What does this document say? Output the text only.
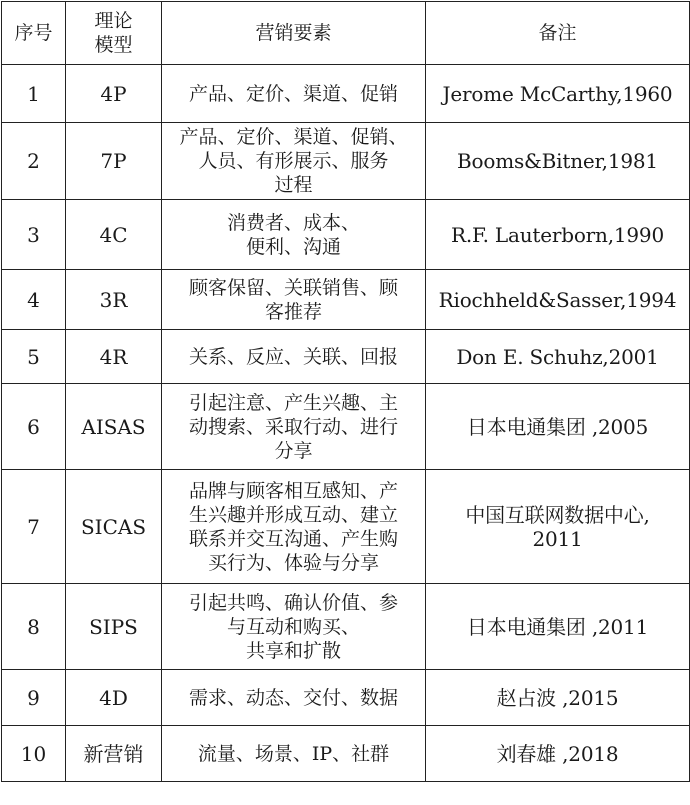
序号	理论
模型	营销要素	备注
1	4P	产品、定价、渠道、促销	Jerome McCarthy,1960
2	7P	产品、定价、渠道、促销、
人员、有形展示、服务
过程	Booms&Bitner,1981
3	4C	消费者、成本、
便利、沟通	R.F. Lauterborn,1990
4	3R	顾客保留、关联销售、顾
客推荐	Riochheld&Sasser,1994
5	4R	关系、反应、关联、回报	Don E. Schuhz,2001
6	AISAS	引起注意、产生兴趣、主
动搜索、采取行动、进行
分享	日本电通集团 ,2005
7	SICAS	品牌与顾客相互感知、产
生兴趣并形成互动、建立
联系并交互沟通、产生购
买行为、体验与分享	中国互联网数据中心,
2011
8	SIPS	引起共鸣、确认价值、参
与互动和购买、
共享和扩散	日本电通集团 ,2011
9	4D	需求、动态、交付、数据	赵占波 ,2015
10	新营销	流量、场景、IP、社群	刘春雄 ,2018
